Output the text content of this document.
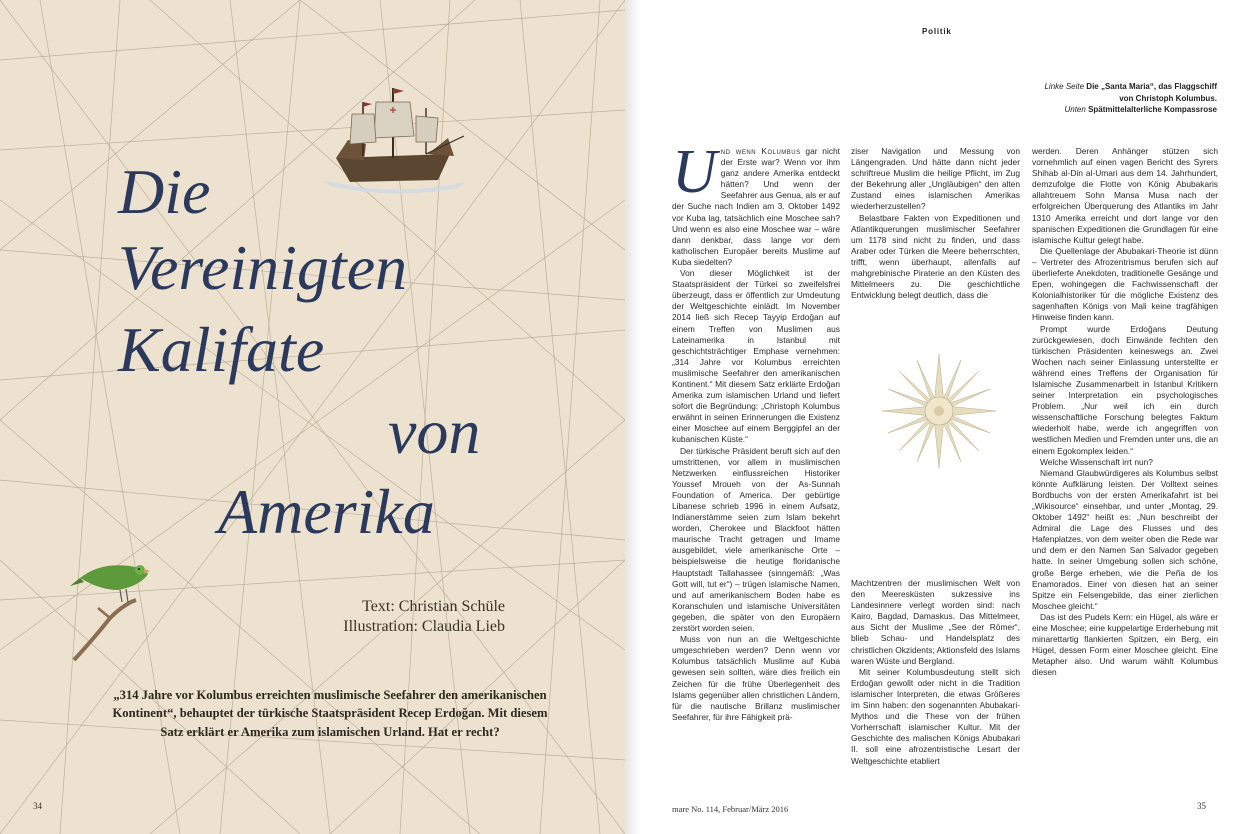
Die
Vereinigten
Kalifate
von
Amerika
Text: Christian Schüle
Illustration: Claudia Lieb
„314 Jahre vor Kolumbus erreichten muslimische Seefahrer den amerikanischen Kontinent“, behauptet der türkische Staatspräsident Recep Erdoğan. Mit diesem Satz erklärt er Amerika zum islamischen Urland. Hat er recht?
34
Politik
Linke Seite Die „Santa Maria“, das Flaggschiff von Christoph Kolumbus.
Unten Spätmittelalterliche Kompassrose

Und wenn Kolumbus gar nicht der Erste war? Wenn vor ihm ganz andere Amerika entdeckt hätten? Und wenn der Seefahrer aus Genua, als er auf der Suche nach Indien am 3. Oktober 1492 vor Kuba lag, tatsächlich eine Moschee sah? Und wenn es also eine Moschee war – wäre dann denkbar, dass lange vor dem katholischen Europäer bereits Muslime auf Kuba siedelten?

Von dieser Möglichkeit ist der Staatspräsident der Türkei so zweifelsfrei überzeugt, dass er öffentlich zur Umdeutung der Weltgeschichte einlädt. Im November 2014 ließ sich Recep Tayyip Erdoğan auf einem Treffen von Muslimen aus Lateinamerika in Istanbul mit geschichtsträchtiger Emphase vernehmen: „314 Jahre vor Kolumbus erreichten muslimische Seefahrer den amerikanischen Kontinent.“ Mit diesem Satz erklärte Erdoğan Amerika zum islamischen Urland und liefert sofort die Begründung: „Christoph Kolumbus erwähnt in seinen Erinnerungen die Existenz einer Moschee auf einem Berggipfel an der kubanischen Küste.“

Der türkische Präsident beruft sich auf den umstrittenen, vor allem in muslimischen Netzwerken einflussreichen Historiker Youssef Mroueh von der As-Sunnah Foundation of America. Der gebürtige Libanese schrieb 1996 in einem Aufsatz, Indianerstämme seien zum Islam bekehrt worden, Cherokee und Blackfoot hätten maurische Tracht getragen und Imame ausgebildet, viele amerikanische Orte – beispielsweise die heutige floridanische Hauptstadt Tallahassee (sinngemäß: „Was Gott will, tut er“) – trügen islamische Namen, und auf amerikanischem Boden habe es Koranschulen und islamische Universitäten gegeben, die später von den Europäern zerstört worden seien.

Muss von nun an die Weltgeschichte umgeschrieben werden? Denn wenn vor Kolumbus tatsächlich Muslime auf Kuba gewesen sein sollten, wäre dies freilich ein Zeichen für die frühe Überlegenheit des Islams gegenüber allen christlichen Ländern, für die nautische Brillanz muslimischer Seefahrer, für ihre Fähigkeit prä-

ziser Navigation und Messung von Längengraden. Und hätte dann nicht jeder schriftreue Muslim die heilige Pflicht, im Zug der Bekehrung aller „Ungläubigen“ den alten Zustand eines islamischen Amerikas wiederherzustellen?

Belastbare Fakten von Expeditionen und Atlantikquerungen muslimischer Seefahrer um 1178 sind nicht zu finden, und dass Araber oder Türken die Meere beherrschten, trifft, wenn überhaupt, allenfalls auf mahgrebinische Piraterie an den Küsten des Mittelmeers zu. Die geschichtliche Entwicklung belegt deutlich, dass die

Machtzentren der muslimischen Welt von den Meeresküsten sukzessive ins Landesinnere verlegt worden sind: nach Kairo, Bagdad, Damaskus. Das Mittelmeer, aus Sicht der Muslime „See der Römer“, blieb Schau- und Handelsplatz des christlichen Okzidents; Aktionsfeld des Islams waren Wüste und Bergland.

Mit seiner Kolumbusdeutung stellt sich Erdoğan gewollt oder nicht in die Tradition islamischer Interpreten, die etwas Größeres im Sinn haben: den sogenannten Abubakari-Mythos und die These von der frühen Vorherrschaft islamischer Kultur. Mit der Geschichte des malischen Königs Abubakari II. soll eine afrozentristische Lesart der Weltgeschichte etabliert

werden. Deren Anhänger stützen sich vornehmlich auf einen vagen Bericht des Syrers Shihab al-Din al-Umari aus dem 14. Jahrhundert, demzufolge die Flotte von König Abubakaris allahtreuem Sohn Mansa Musa nach der erfolgreichen Überquerung des Atlantiks im Jahr 1310 Amerika erreicht und dort lange vor den spanischen Expeditionen die Grundlagen für eine islamische Kultur gelegt habe.

Die Quellenlage der Abubakari-Theorie ist dünn – Vertreter des Afrozentrismus berufen sich auf überlieferte Anekdoten, traditionelle Gesänge und Epen, wohingegen die Fachwissenschaft der Kolonialhistoriker für die mögliche Existenz des sagenhaften Königs von Mali keine tragfähigen Hinweise finden kann.

Prompt wurde Erdoğans Deutung zurückgewiesen, doch Einwände fechten den türkischen Präsidenten keineswegs an. Zwei Wochen nach seiner Einlassung unterstellte er während eines Treffens der Organisation für Islamische Zusammenarbeit in Istanbul Kritikern seiner Interpretation ein psychologisches Problem. „Nur weil ich ein durch wissenschaftliche Forschung belegtes Faktum wiederholt habe, werde ich angegriffen von westlichen Medien und Fremden unter uns, die an einem Egokomplex leiden.“

Welche Wissenschaft irrt nun?

Niemand Glaubwürdigeres als Kolumbus selbst könnte Aufklärung leisten. Der Volltext seines Bordbuchs von der ersten Amerikafahrt ist bei „Wikisource“ einsehbar, und unter „Montag, 29. Oktober 1492“ heißt es: „Nun beschreibt der Admiral die Lage des Flusses und des Hafenplatzes, von dem weiter oben die Rede war und dem er den Namen San Salvador gegeben hatte. In seiner Umgebung sollen sich schöne, große Berge erheben, wie die Peña de los Enamorados. Einer von diesen hat an seiner Spitze ein Felsengebilde, das einer zierlichen Moschee gleicht.“

Das ist des Pudels Kern: ein Hügel, als wäre er eine Moschee; eine kuppelartige Erderhebung mit minarettartig flankierten Spitzen, ein Berg, ein Hügel, dessen Form einer Moschee gleicht. Eine Metapher also. Und warum wählt Kolumbus diesen

mare No. 114, Februar/März 2016	35
